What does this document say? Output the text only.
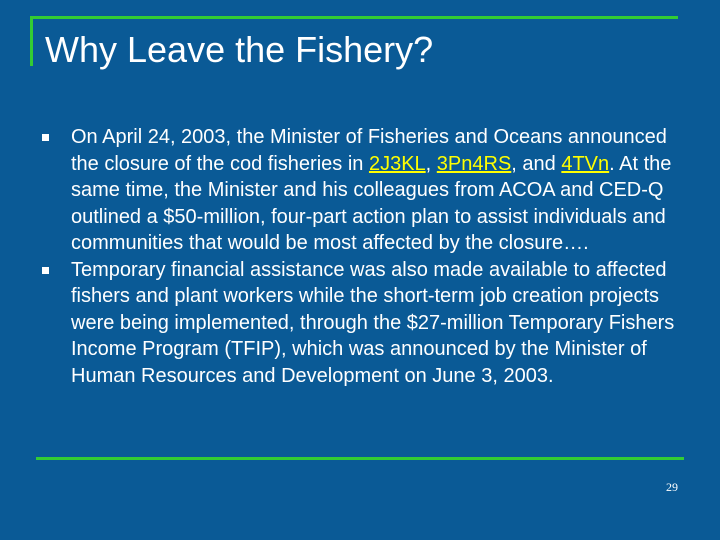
Why Leave the Fishery?
On April 24, 2003, the Minister of Fisheries and Oceans announced the closure of the cod fisheries in 2J3KL, 3Pn4RS, and 4TVn. At the same time, the Minister and his colleagues from ACOA and CED-Q outlined a $50-million, four-part action plan to assist individuals and communities that would be most affected by the closure….
Temporary financial assistance was also made available to affected fishers and plant workers while the short-term job creation projects were being implemented, through the $27-million Temporary Fishers Income Program (TFIP), which was announced by the Minister of Human Resources and Development on June 3, 2003.
29
